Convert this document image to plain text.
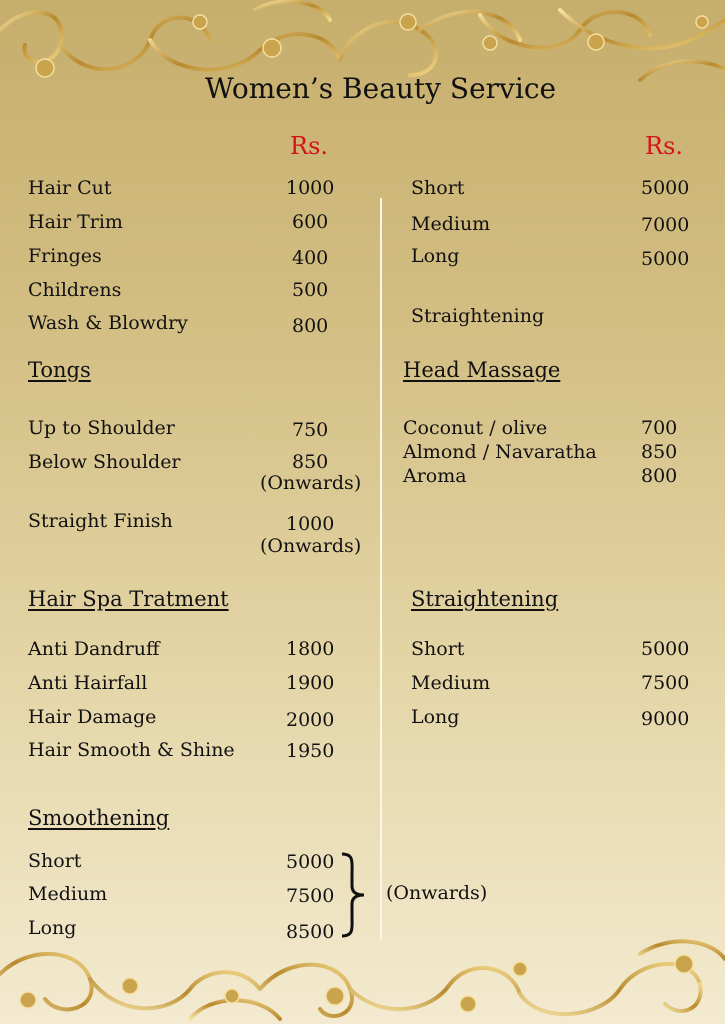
Women’s Beauty Service
Rs.	Rs.
Hair Cut	1000
Hair Trim	600
Fringes	400
Childrens	500
Wash & Blowdry	800
Tongs
Up to Shoulder	750
Below Shoulder	850
(Onwards)
Straight Finish	1000
(Onwards)
Hair Spa Tratment
Anti Dandruff	1800
Anti Hairfall	1900
Hair Damage	2000
Hair Smooth & Shine	1950
Smoothening
Short	5000
Medium	7500
Long	8500
(Onwards)
Short	5000
Medium	7000
Long	5000
Straightening
Head Massage
Coconut / olive	700
Almond / Navaratha 850
Aroma	800
Straightening
Short	5000
Medium	7500
Long	9000
